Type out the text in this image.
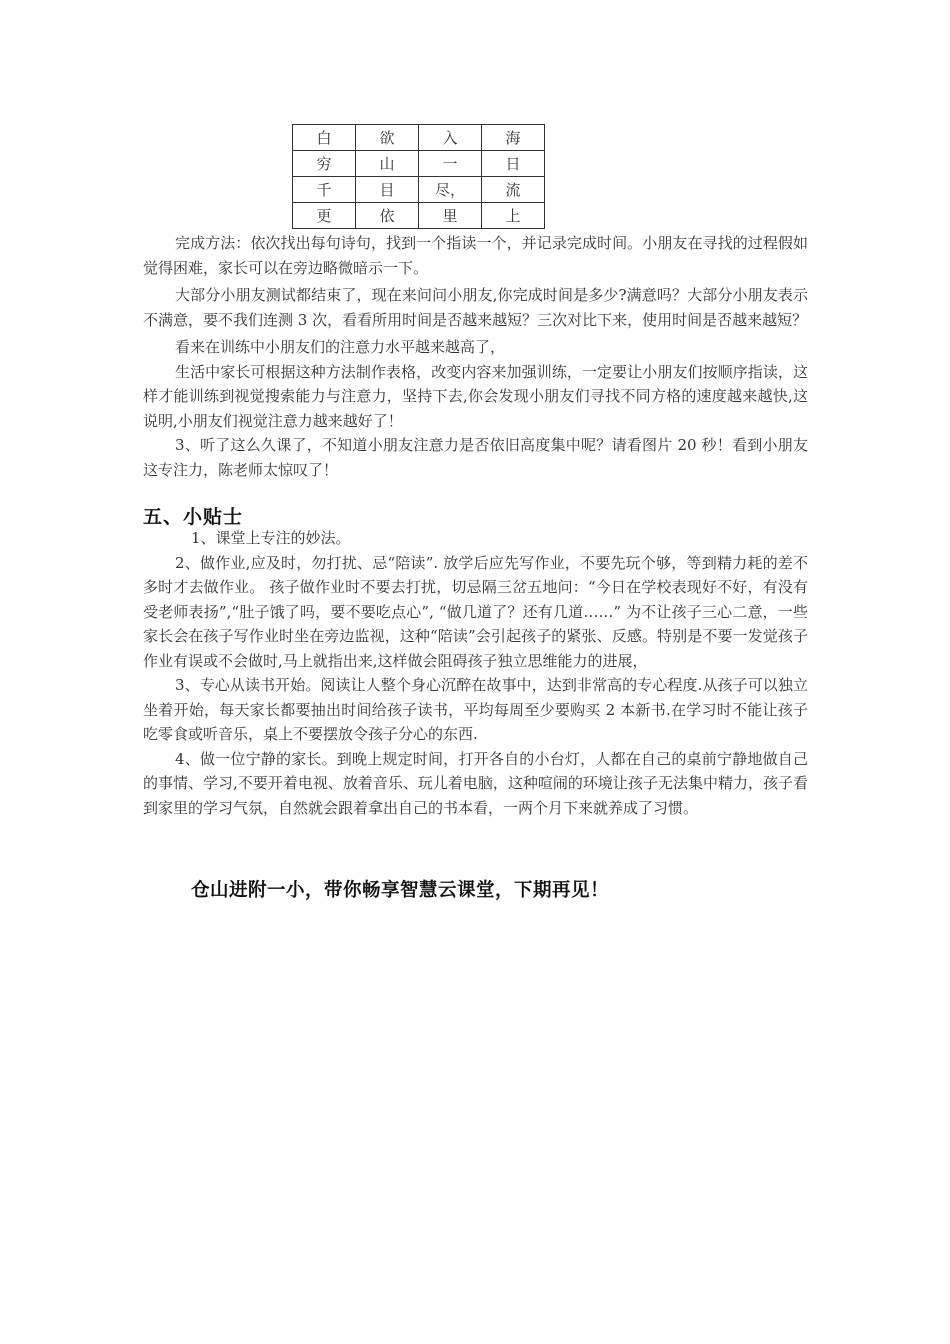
白	欲	入	海
穷	山	一	日
千	目	尽，	流
更	依	里	上

完成方法：依次找出每句诗句，找到一个指读一个，并记录完成时间。小朋友在寻找的过程假如觉得困难，家长可以在旁边略微暗示一下。

大部分小朋友测试都结束了，现在来问问小朋友,你完成时间是多少?满意吗？大部分小朋友表示不满意，要不我们连测 3 次，看看所用时间是否越来越短？三次对比下来，使用时间是否越来越短？

看来在训练中小朋友们的注意力水平越来越高了，

生活中家长可根据这种方法制作表格，改变内容来加强训练，一定要让小朋友们按顺序指读，这样才能训练到视觉搜索能力与注意力，坚持下去,你会发现小朋友们寻找不同方格的速度越来越快,这说明,小朋友们视觉注意力越来越好了！

3、听了这么久课了，不知道小朋友注意力是否依旧高度集中呢？请看图片 20 秒！看到小朋友这专注力，陈老师太惊叹了！

五、小贴士

1、课堂上专注的妙法。

2、做作业,应及时，勿打扰、忌“陪读”. 放学后应先写作业，不要先玩个够，等到精力耗的差不多时才去做作业。 孩子做作业时不要去打扰，切忌隔三岔五地问：“今日在学校表现好不好，有没有受老师表扬”,“肚子饿了吗，要不要吃点心”, “做几道了？还有几道……” 为不让孩子三心二意，一些家长会在孩子写作业时坐在旁边监视，这种“陪读”会引起孩子的紧张、反感。特别是不要一发觉孩子作业有误或不会做时,马上就指出来,这样做会阻碍孩子独立思维能力的进展，

3、专心从读书开始。阅读让人整个身心沉醉在故事中，达到非常高的专心程度.从孩子可以独立坐着开始，每天家长都要抽出时间给孩子读书，平均每周至少要购买 2 本新书.在学习时不能让孩子吃零食或听音乐，桌上不要摆放令孩子分心的东西.

4、做一位宁静的家长。到晚上规定时间，打开各自的小台灯，人都在自己的桌前宁静地做自己的事情、学习,不要开着电视、放着音乐、玩儿着电脑，这种喧闹的环境让孩子无法集中精力，孩子看到家里的学习气氛，自然就会跟着拿出自己的书本看，一两个月下来就养成了习惯。

仓山进附一小，带你畅享智慧云课堂，下期再见！
